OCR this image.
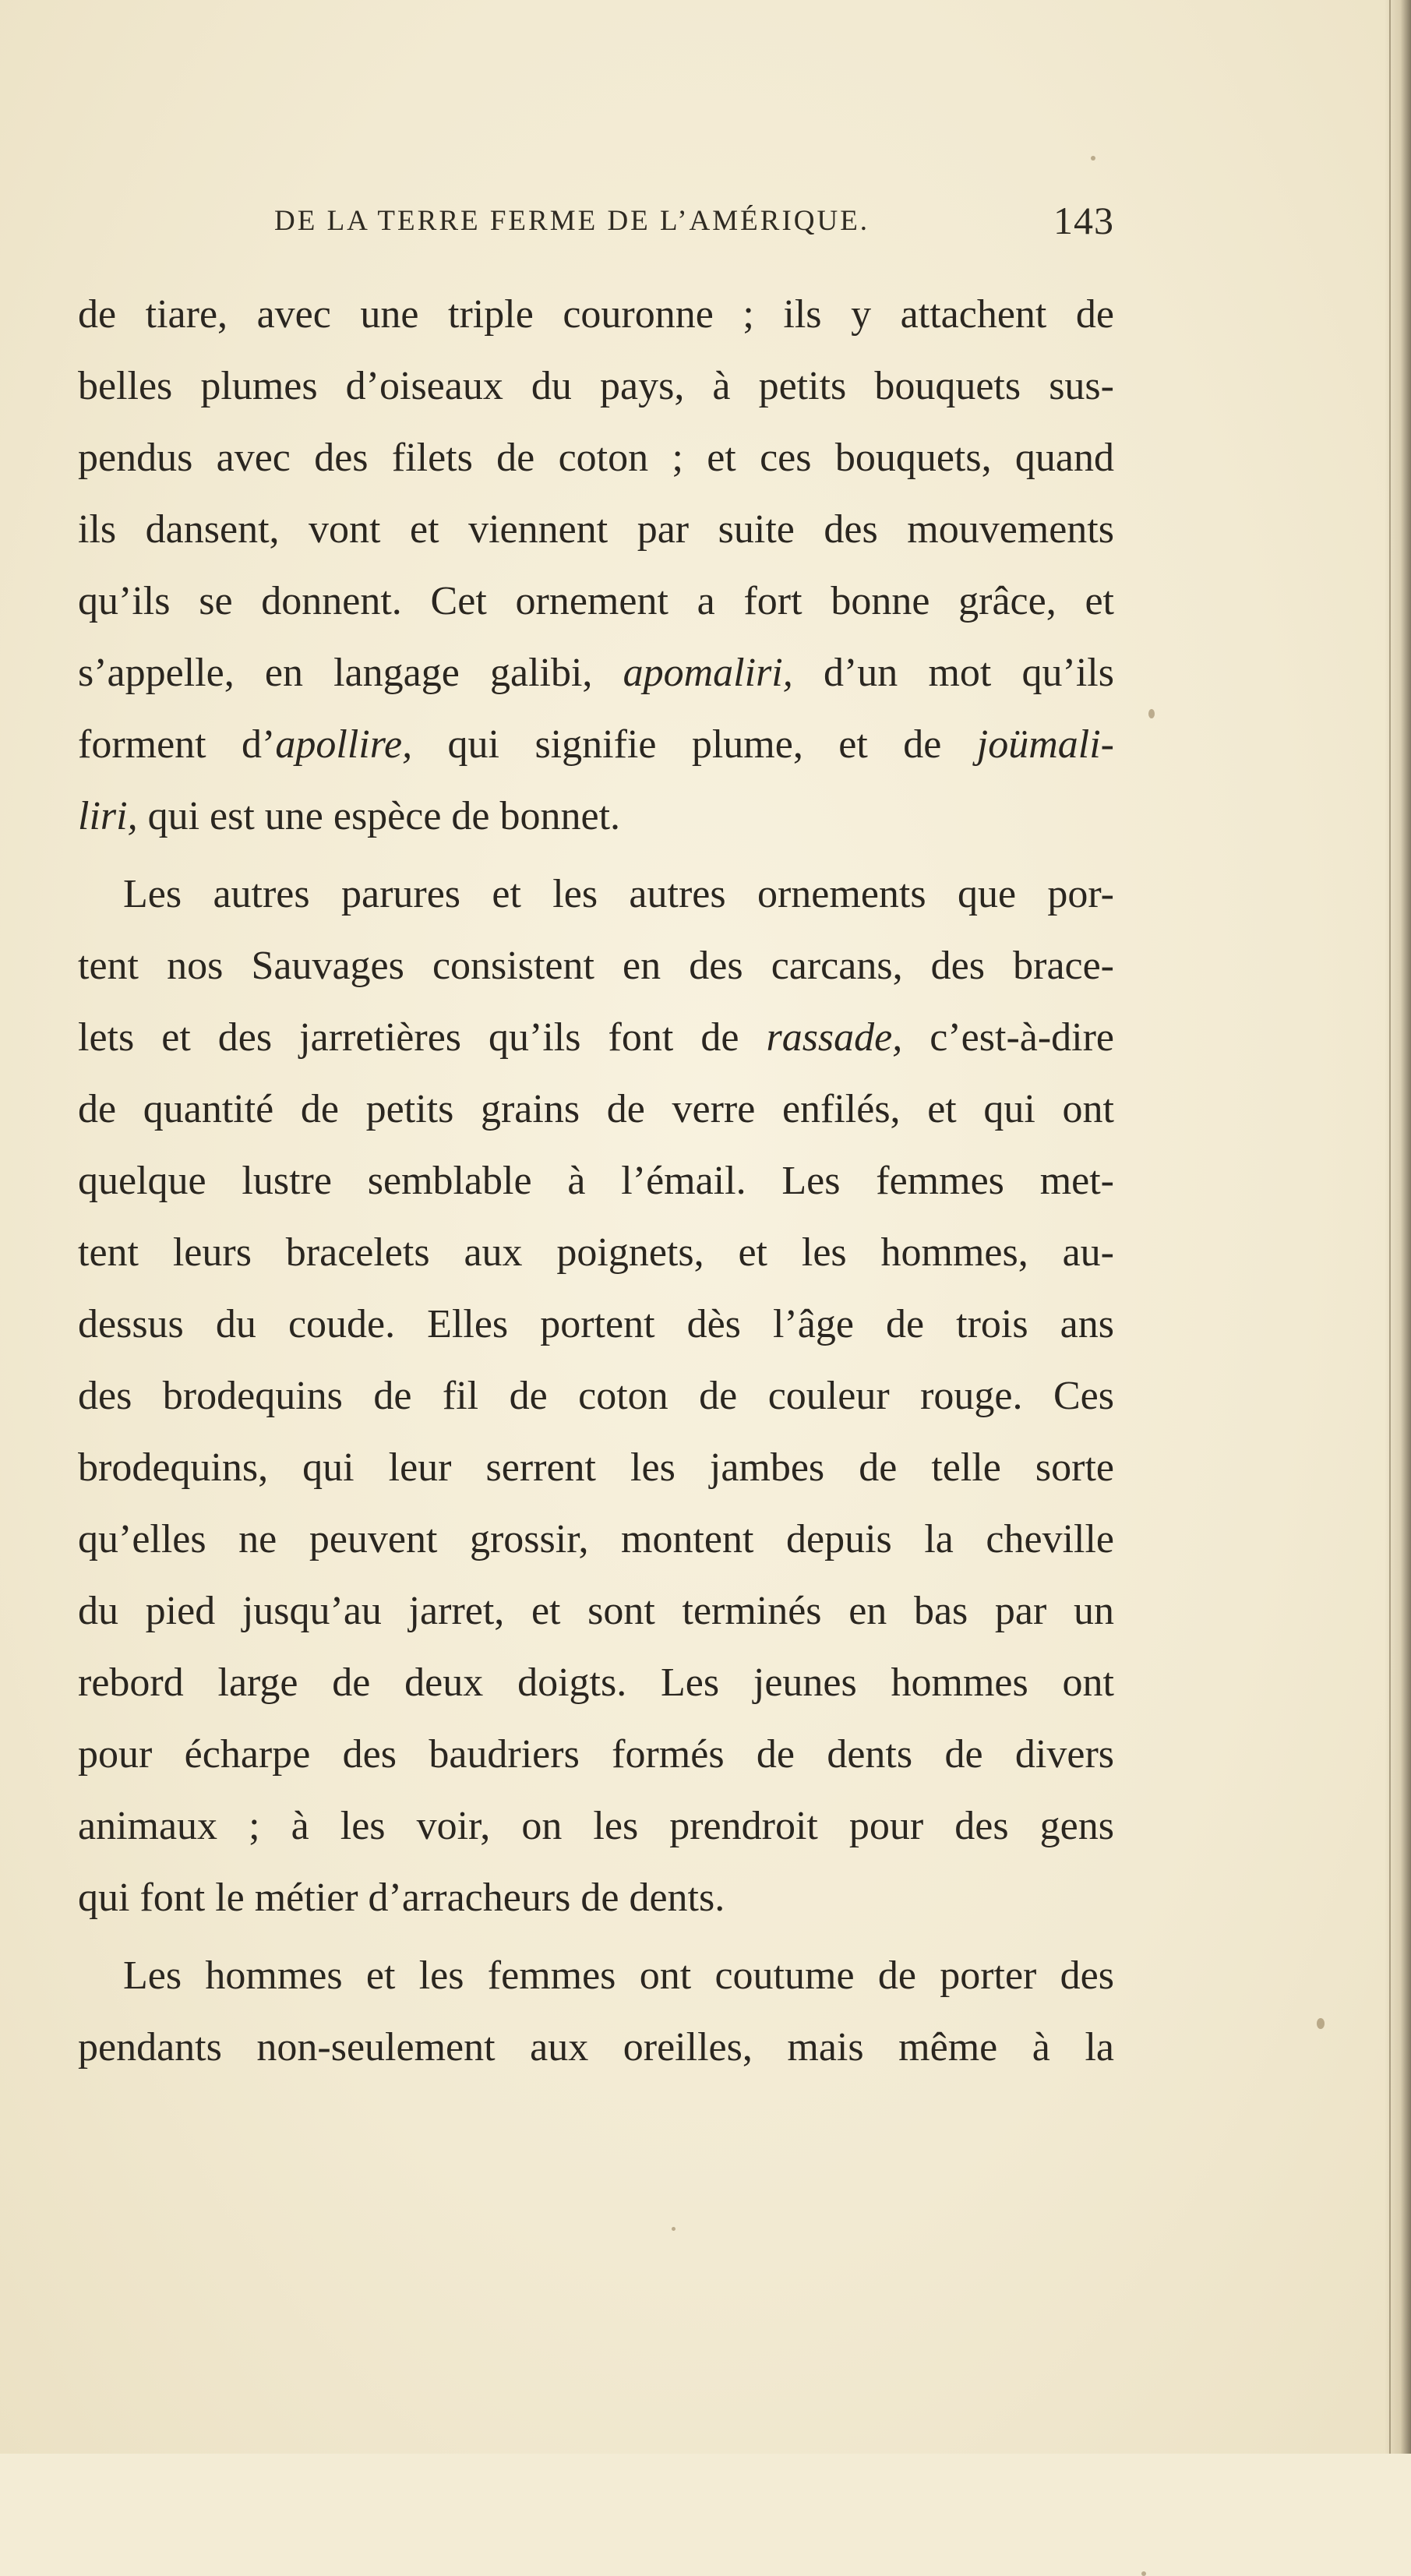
DE LA TERRE FERME DE L’AMÉRIQUE.	143
de tiare, avec une triple couronne ; ils y attachent de
belles plumes d’oiseaux du pays, à petits bouquets sus-
pendus avec des filets de coton ; et ces bouquets, quand
ils dansent, vont et viennent par suite des mouvements
qu’ils se donnent. Cet ornement a fort bonne grâce, et
s’appelle, en langage galibi, apomaliri, d’un mot qu’ils
forment d’apollire, qui signifie plume, et de joümali-
liri, qui est une espèce de bonnet.
Les autres parures et les autres ornements que por-
tent nos Sauvages consistent en des carcans, des brace-
lets et des jarretières qu’ils font de rassade, c’est-à-dire
de quantité de petits grains de verre enfilés, et qui ont
quelque lustre semblable à l’émail. Les femmes met-
tent leurs bracelets aux poignets, et les hommes, au-
dessus du coude. Elles portent dès l’âge de trois ans
des brodequins de fil de coton de couleur rouge. Ces
brodequins, qui leur serrent les jambes de telle sorte
qu’elles ne peuvent grossir, montent depuis la cheville
du pied jusqu’au jarret, et sont terminés en bas par un
rebord large de deux doigts. Les jeunes hommes ont
pour écharpe des baudriers formés de dents de divers
animaux ; à les voir, on les prendroit pour des gens
qui font le métier d’arracheurs de dents.
Les hommes et les femmes ont coutume de porter des
pendants non-seulement aux oreilles, mais même à la
